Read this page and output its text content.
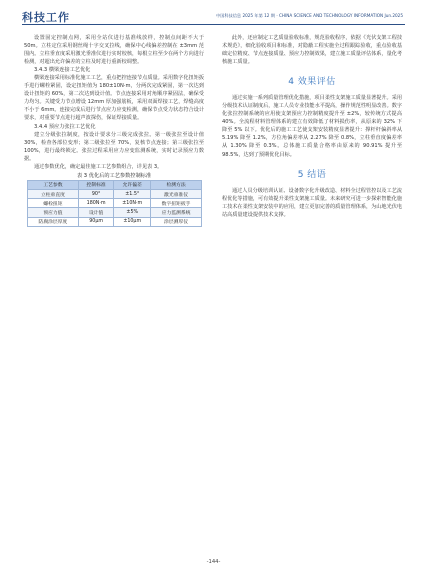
科技工作	中国科技信息 2025 年第 12 期 · CHINA SCIENCE AND TECHNOLOGY INFORMATION Jun.2025

设置固定控制点网，采用全站仪进行基准线放样，控制点间距不大于 50m。立柱定位采用钢丝绳十字交叉拉线，确保中心线偏差控制在 ±3mm 范围内。立柱垂直度采用激光垂准仪进行实时校核，每根立柱至少在两个方向进行检测，对超出允许偏差的立柱及时进行重新校调整。

3.4.3 横梁连接工艺优化

横梁连接采用标准化施工工艺，重点把控连接节点质量。采用数字化扭矩扳手进行螺栓紧固，设定扭矩值为 180±10N·m，分两次完成紧固，第一次达到设计扭矩的 60%，第二次达到设计值。节点连接采用对角顺序紧固法，确保受力均匀。关键受力节点增设 12mm 厚加强筋板，采用双面焊接工艺，焊缝高度不小于 6mm。连接完成后进行节点应力应变检测，确保节点受力状态符合设计要求，对重要节点进行超声波探伤，保证焊接质量。

3.4.4 预应力张拉工艺优化

建立分级张拉制度，按设计要求分三级完成张拉。第一级张拉至设计值 30%，检查各部位变形；第二级张拉至 70%，复核节点连接；第三级张拉至 100%，进行最终锁定。张拉过程采用应力应变监测系统，实时记录预应力数据。

通过参数优化，确定最佳施工工艺参数组合，详见表 3。

表 3 优化后的工艺参数控制标准
工艺参数	控制标准	允许偏差	检测方法
立柱垂直度	90°	±1.5°	激光垂准仪
螺栓扭矩	180N·m	±10N·m	数字扭矩扳手
预应力值	设计值	±5%	应力监测系统
防腐涂层厚度	90μm	±10μm	涂层测厚仪

此外，还应制定工艺质量验收标准，规范验收程序，依据《光伏支架工程技术规范》，细化验收项目和标准，对隐蔽工程实施全过程跟踪验收，重点验收基础定位精度、节点连接质量、预应力控制效果，建立施工质量评估体系，量化考核施工质量。

4 效果评估

通过实施一系列质量管理优化措施，项目柔性支架施工质量显著提升。采用分级技术认证制度后，施工人员专业技能水平提高，操作规范性明显改善。数字化张拉控制系统的应用使支架预应力控制精度提升至 ±2%，较传统方式提高 40%。全流程材料管理体系的建立有效降低了材料损伤率，从原来的 32% 下降至 5% 以下。优化后的施工工艺使支架安装精度显著提升：撑杆杆偏斜率从 5.19% 降至 1.2%，方位角偏差率从 2.27% 降至 0.8%，立柱垂直度偏差率从 1.30% 降至 0.3%。总体施工质量合格率由原来的 90.91% 提升至 98.5%，达到了预期优化目标。

5 结语

通过人员分级培训认证、设备数字化升级改造、材料全过程管控以及工艺流程优化等措施，可有效提升柔性支架施工质量。未来研究可进一步探索智能化施工技术在柔性支架安装中的应用，建立更加完善的质量管理体系，为山地光伏电站高质量建设提供技术支撑。

-144-
